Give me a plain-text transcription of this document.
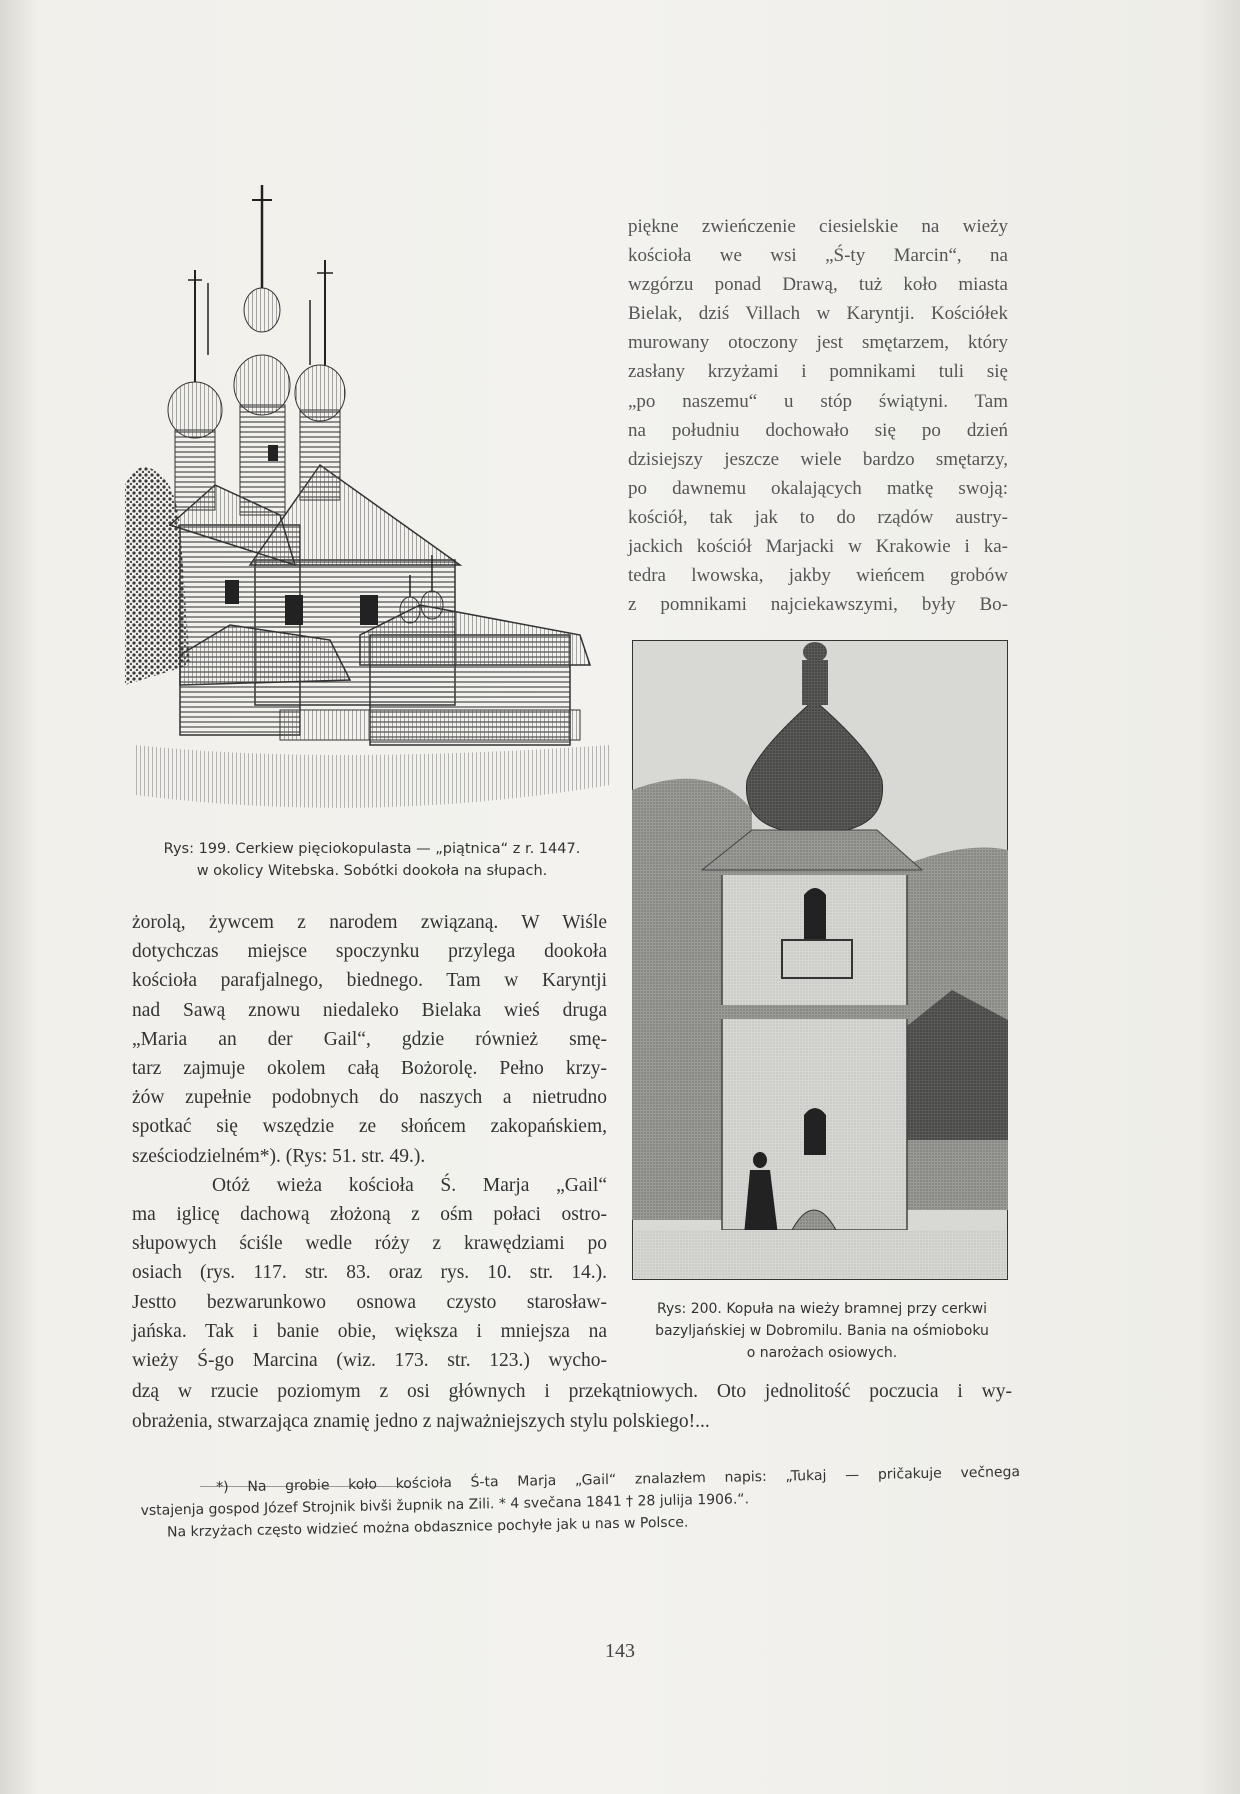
Rys: 199. Cerkiew pięciokopulasta — „piątnica“ z r. 1447.

w okolicy Witebska. Sobótki dookoła na słupach.

piękne zwieńczenie ciesielskie na wieży

kościoła we wsi „Ś-ty Marcin“, na

wzgórzu ponad Drawą, tuż koło miasta

Bielak, dziś Villach w Karyntji. Kościółek

murowany otoczony jest smętarzem, który

zasłany krzyżami i pomnikami tuli się

„po naszemu“ u stóp świątyni. Tam

na południu dochowało się po dzień

dzisiejszy jeszcze wiele bardzo smętarzy,

po dawnemu okalających matkę swoją:

kościół, tak jak to do rządów austry-

jackich kościół Marjacki w Krakowie i ka-

tedra lwowska, jakby wieńcem grobów

z pomnikami najciekawszymi, były Bo-

Rys: 200. Kopuła na wieży bramnej przy cerkwi

bazyljańskiej w Dobromilu. Bania na ośmioboku

o narożach osiowych.

żorolą, żywcem z narodem związaną. W Wiśle

dotychczas miejsce spoczynku przylega dookoła

kościoła parafjalnego, biednego. Tam w Karyntji

nad Sawą znowu niedaleko Bielaka wieś druga

„Maria an der Gail“, gdzie również smę-

tarz zajmuje okolem całą Bożorolę. Pełno krzy-

żów zupełnie podobnych do naszych a nietrudno

spotkać się wszędzie ze słońcem zakopańskiem,

sześciodzielném*). (Rys: 51. str. 49.).

Otóż wieża kościoła Ś. Marja „Gail“

ma iglicę dachową złożoną z ośm połaci ostro-

słupowych ściśle wedle róży z krawędziami po

osiach (rys. 117. str. 83. oraz rys. 10. str. 14.).

Jestto bezwarunkowo osnowa czysto starosław-

jańska. Tak i banie obie, większa i mniejsza na

wieży Ś-go Marcina (wiz. 173. str. 123.) wycho-

dzą w rzucie poziomym z osi głównych i przekątniowych. Oto jednolitość poczucia i wy-

obrażenia, stwarzająca znamię jedno z najważniejszych stylu polskiego!...

*) Na grobie koło kościoła Ś-ta Marja „Gail“ znalazłem napis: „Tukaj — pričakuje večnega

vstajenja gospod Józef Strojnik bivši župnik na Zili. * 4 svečana 1841 † 28 julija 1906.“.

Na krzyżach często widzieć można obdasznice pochyłe jak u nas w Polsce.

143
